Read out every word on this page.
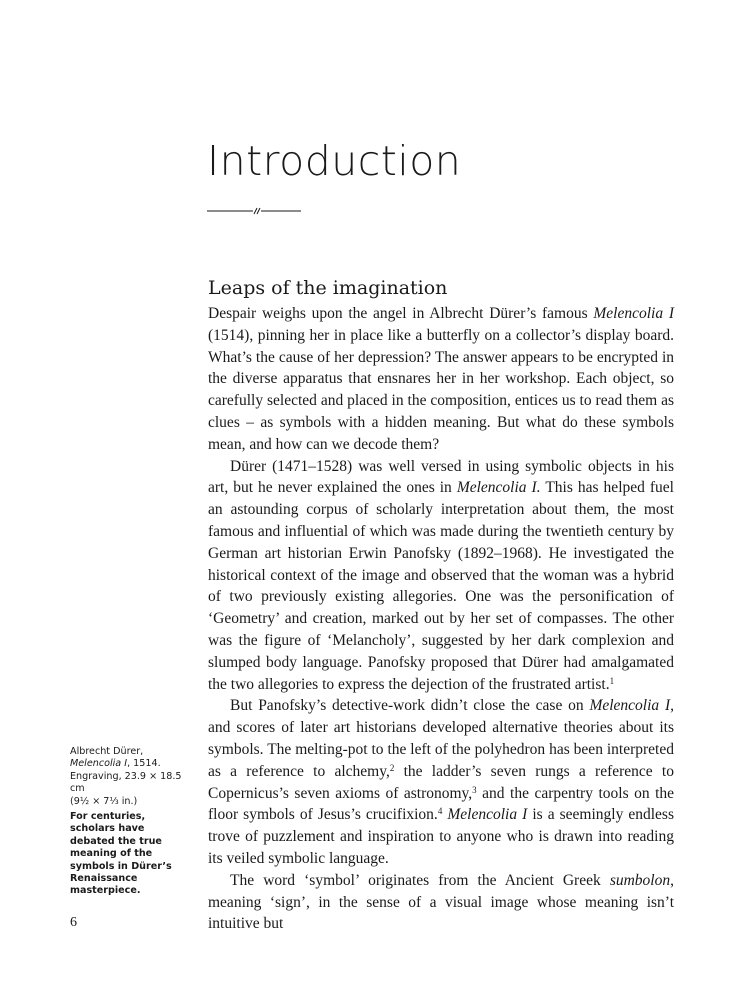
Introduction
Leaps of the imagination

Despair weighs upon the angel in Albrecht Dürer’s famous Melencolia I (1514), pinning her in place like a butterfly on a collector’s display board. What’s the cause of her depression? The answer appears to be encrypted in the diverse apparatus that ensnares her in her workshop. Each object, so carefully selected and placed in the composition, entices us to read them as clues – as symbols with a hidden meaning. But what do these symbols mean, and how can we decode them?

Dürer (1471–1528) was well versed in using symbolic objects in his art, but he never explained the ones in Melencolia I. This has helped fuel an astounding corpus of scholarly interpretation about them, the most famous and influential of which was made during the twentieth century by German art historian Erwin Panofsky (1892–1968). He investigated the historical context of the image and observed that the woman was a hybrid of two previously existing allegories. One was the personification of ‘Geometry’ and creation, marked out by her set of compasses. The other was the figure of ‘Melancholy’, suggested by her dark complexion and slumped body language. Panofsky proposed that Dürer had amalgamated the two allegories to express the dejection of the frustrated artist.$^1$

But Panofsky’s detective-work didn’t close the case on Melencolia I, and scores of later art historians developed alternative theories about its symbols. The melting-pot to the left of the polyhedron has been interpreted as a reference to alchemy,$^2$ the ladder’s seven rungs a reference to Copernicus’s seven axioms of astronomy,$^3$ and the carpentry tools on the floor symbols of Jesus’s crucifixion.$^4$ Melencolia I is a seemingly endless trove of puzzlement and inspiration to anyone who is drawn into reading its veiled symbolic language.

The word ‘symbol’ originates from the Ancient Greek sumbolon, meaning ‘sign’, in the sense of a visual image whose meaning isn’t intuitive but

Albrecht Dürer,
Melencolia I, 1514.
Engraving, 23.9 × 18.5 cm
(9½ × 7⅓ in.)
For centuries, scholars have debated the true meaning of the symbols in Dürer’s Renaissance masterpiece.
6
